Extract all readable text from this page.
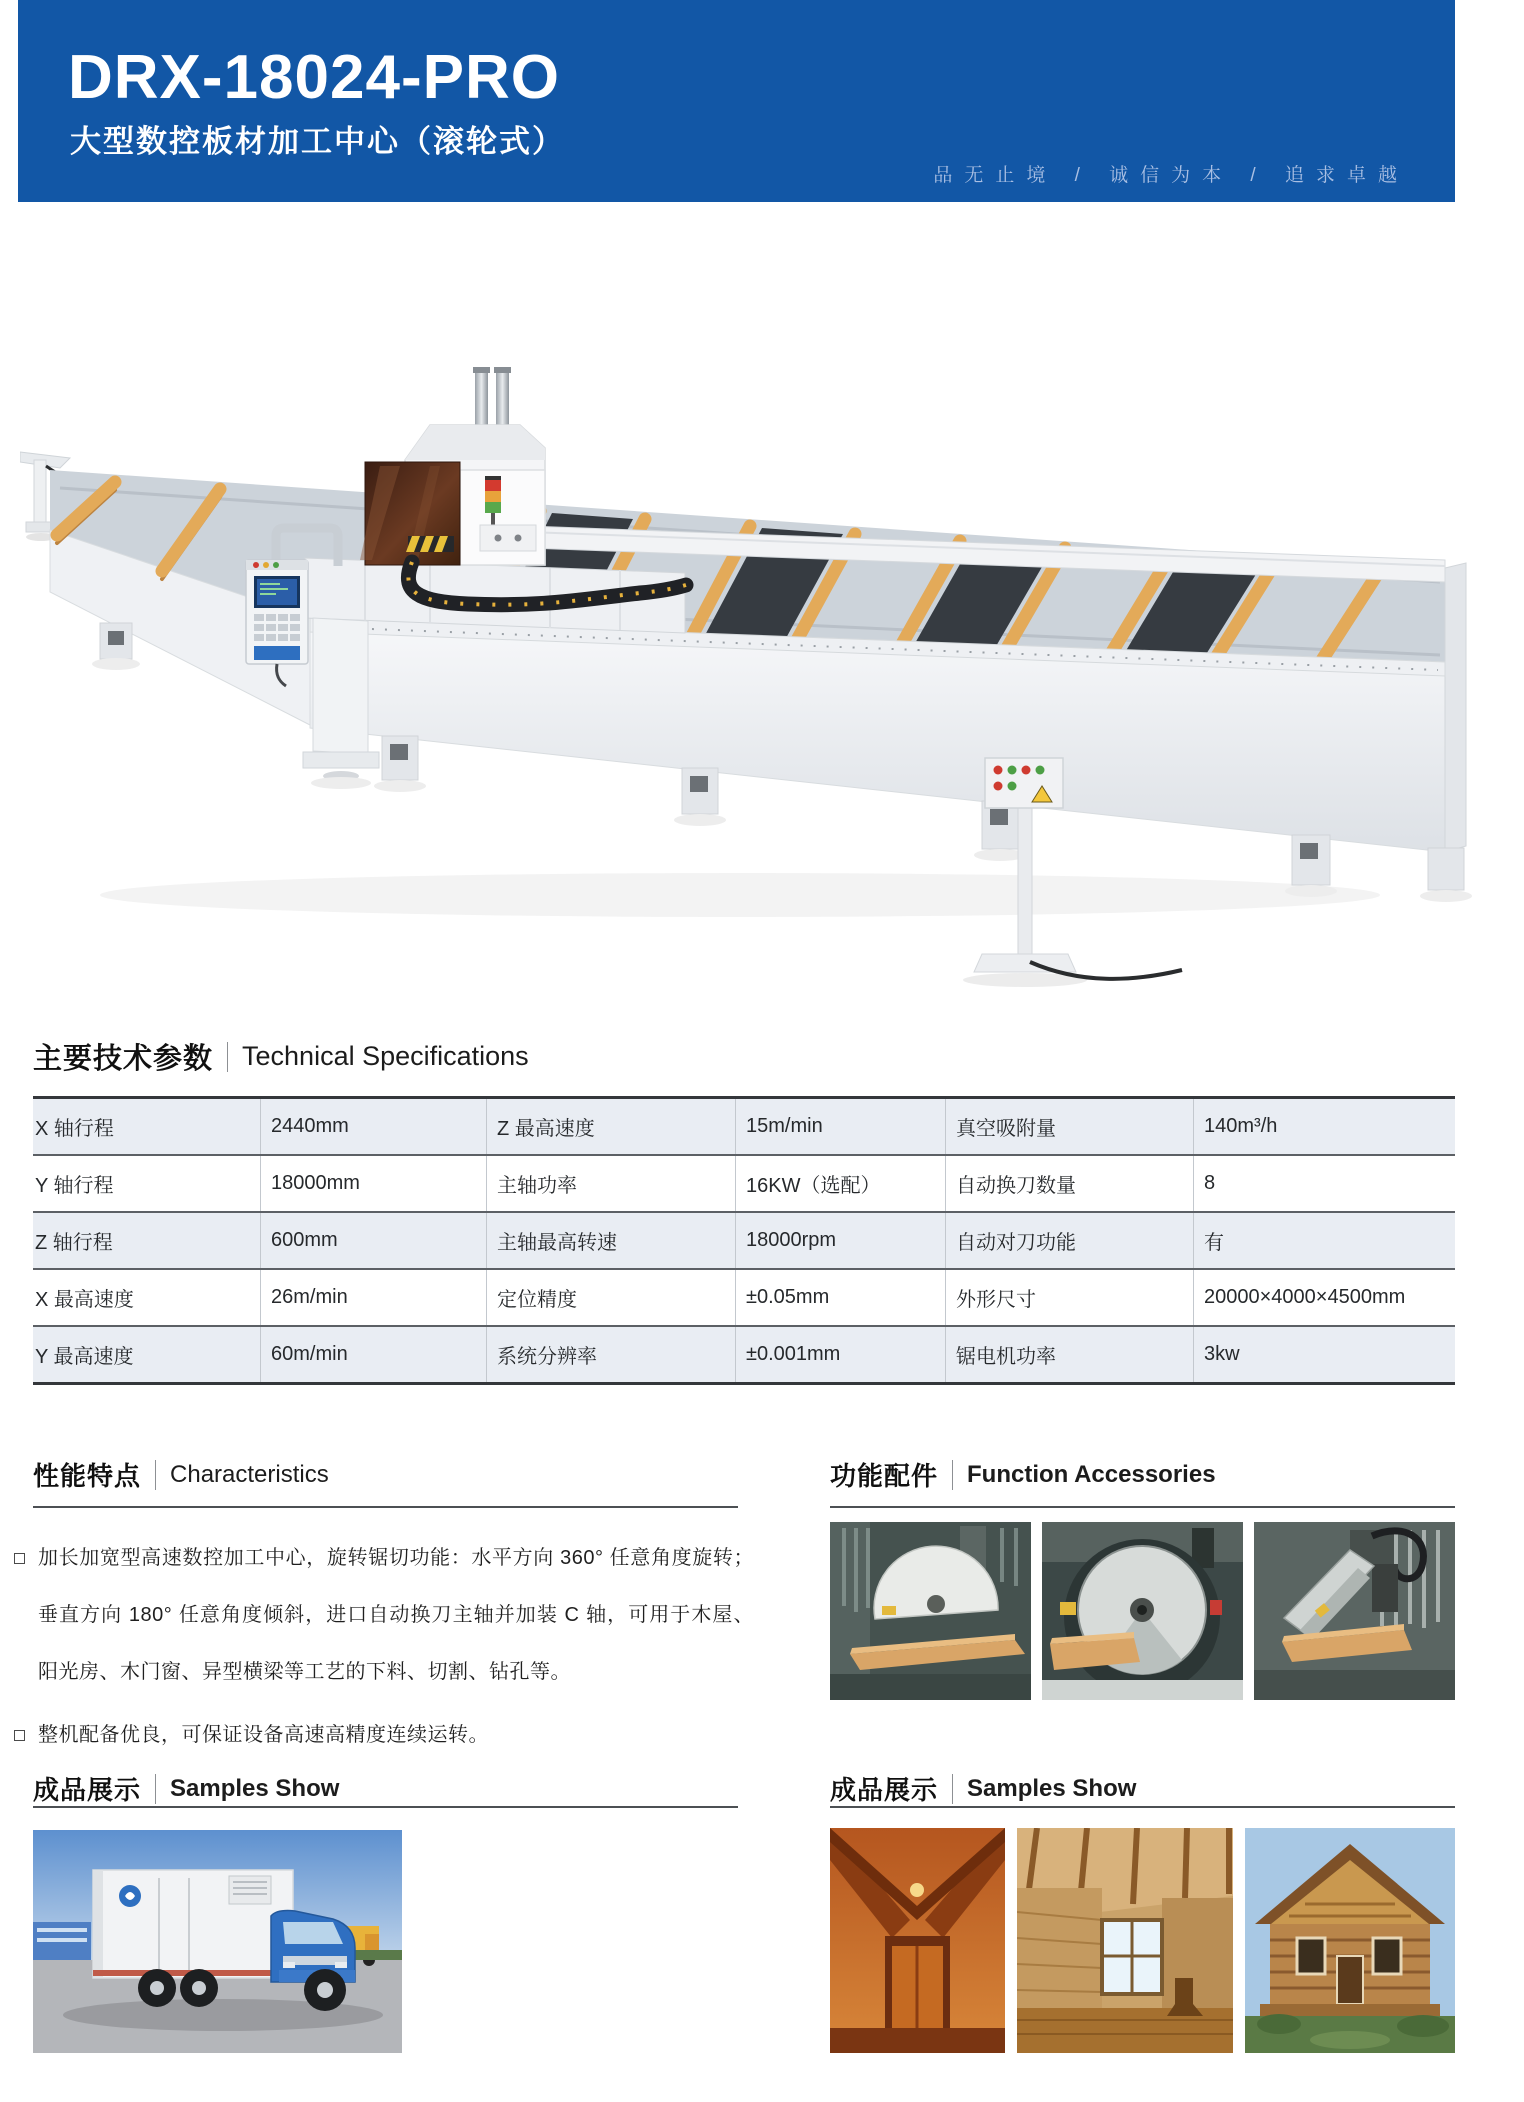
DRX-18024-PRO
大型数控板材加工中心（滚轮式）
品无止境 / 诚信为本 / 追求卓越
主要技术参数 Technical Specifications
X 轴行程	2440mm	Z 最高速度	15m/min	真空吸附量	140m³/h
Y 轴行程	18000mm	主轴功率	16KW（选配）	自动换刀数量	8
Z 轴行程	600mm	主轴最高转速	18000rpm	自动对刀功能	有
X 最高速度	26m/min	定位精度	±0.05mm	外形尺寸	20000×4000×4500mm
Y 最高速度	60m/min	系统分辨率	±0.001mm	锯电机功率	3kw
性能特点 Characteristics
加长加宽型高速数控加工中心，旋转锯切功能：水平方向 360° 任意角度旋转；垂直方向 180° 任意角度倾斜，进口自动换刀主轴并加装 C 轴，可用于木屋、阳光房、木门窗、异型横梁等工艺的下料、切割、钻孔等。
整机配备优良，可保证设备高速高精度连续运转。
功能配件 Function Accessories
成品展示 Samples Show	成品展示 Samples Show
